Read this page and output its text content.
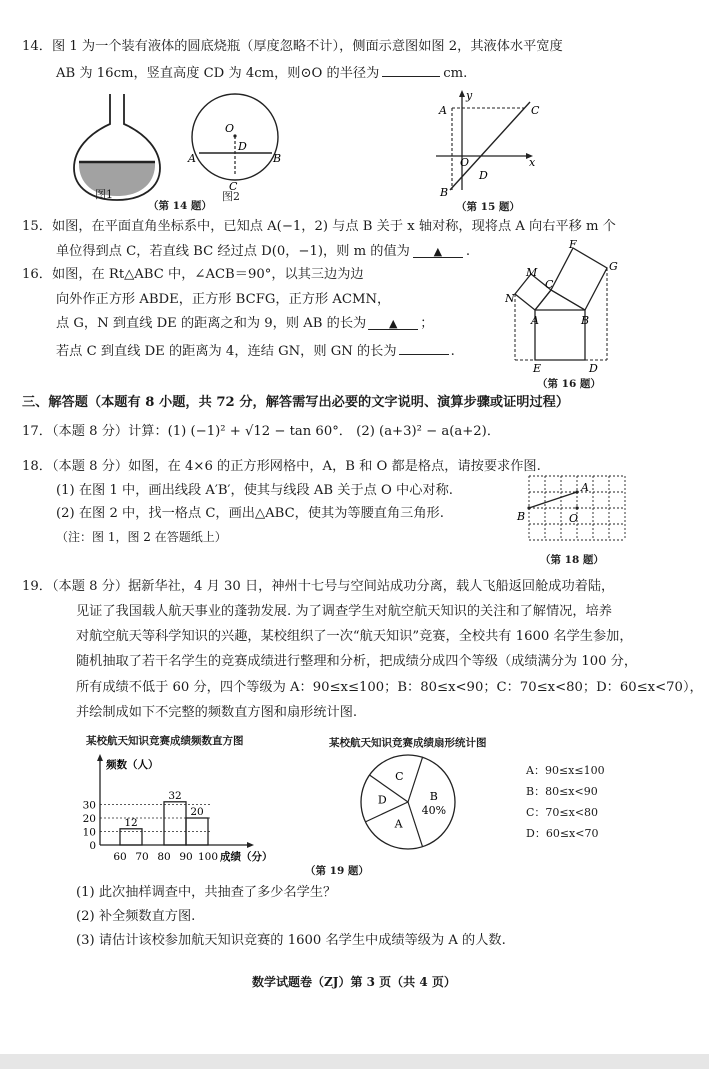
14．图 1 为一个装有液体的圆底烧瓶（厚度忽略不计），侧面示意图如图 2，其液体水平宽度
AB 为 16cm，竖直高度 CD 为 4cm，则⊙O 的半径为	cm.
图1
O
D
A	B
C
图2
（第 14 题）
y
x
A	C
O
D
B
（第 15 题）
15．如图，在平面直角坐标系中，已知点 A(−1，2) 与点 B 关于 x 轴对称，现将点 A 向右平移 m 个
单位得到点 C，若直线 BC 经过点 D(0，−1)，则 m 的值为 ▲ .
16．如图，在 Rt△ABC 中，∠ACB＝90°，以其三边为边
向外作正方形 ABDE，正方形 BCFG，正方形 ACMN，
点 G，N 到直线 DE 的距离之和为 9，则 AB 的长为 ▲ ；
若点 C 到直线 DE 的距离为 4，连结 GN，则 GN 的长为	.
F
G
M
C
N
A	B
E	D
（第 16 题）
三、解答题（本题有 8 小题，共 72 分，解答需写出必要的文字说明、演算步骤或证明过程）
17．（本题 8 分）计算：(1) (−1)² + √12 − tan 60°． (2) (a+3)² − a(a+2)．
18．（本题 8 分）如图，在 4×6 的正方形网格中，A，B 和 O 都是格点，请按要求作图.
(1) 在图 1 中，画出线段 A′B′，使其与线段 AB 关于点 O 中心对称.
(2) 在图 2 中，找一格点 C，画出△ABC，使其为等腰直角三角形.
（注：图 1，图 2 在答题纸上）
A
B	O
（第 18 题）
19．（本题 8 分）据新华社，4 月 30 日，神州十七号与空间站成功分离，载人飞船返回舱成功着陆，
见证了我国载人航天事业的蓬勃发展. 为了调查学生对航空航天知识的关注和了解情况，培养
对航空航天等科学知识的兴趣，某校组织了一次“航天知识”竞赛，全校共有 1600 名学生参加，
随机抽取了若干名学生的竞赛成绩进行整理和分析，把成绩分成四个等级（成绩满分为 100 分，
所有成绩不低于 60 分，四个等级为 A：90≤x≤100；B：80≤x<90；C：70≤x<80；D：60≤x<70），
并绘制成如下不完整的频数直方图和扇形统计图.
某校航天知识竞赛成绩频数直方图
频数（人）
0
10
20
30
60 70 80 90 100 成绩（分）
12
32
20
某校航天知识竞赛成绩扇形统计图
B
40%
A
D
C	A：90≤x≤100
B：80≤x<90
C：70≤x<80
D：60≤x<70
（第 19 题）
(1) 此次抽样调查中，共抽查了多少名学生？
(2) 补全频数直方图.
(3) 请估计该校参加航天知识竞赛的 1600 名学生中成绩等级为 A 的人数.
数学试题卷（ZJ）第 3 页（共 4 页）
